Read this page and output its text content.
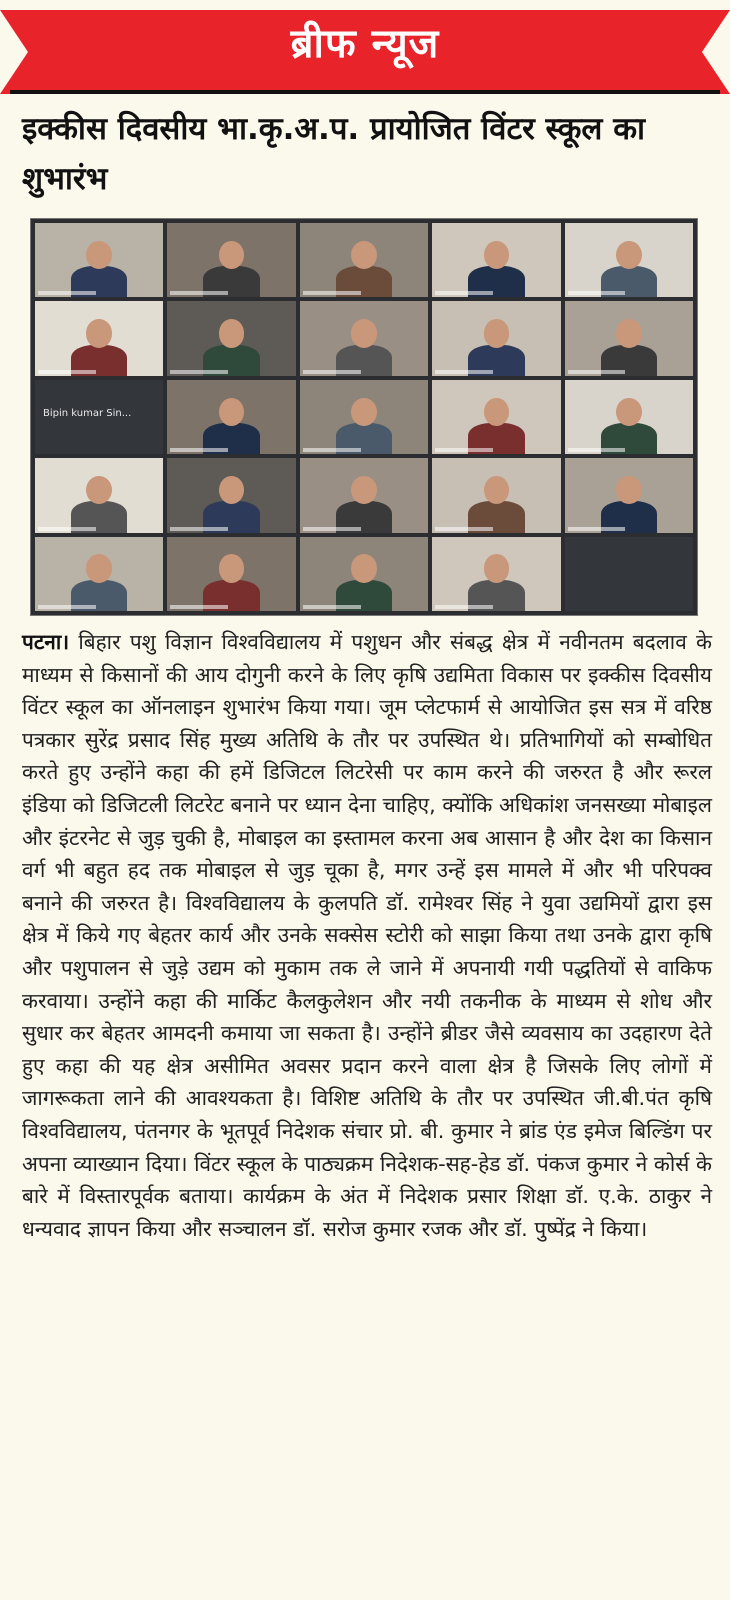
ब्रीफ न्यूज
इक्कीस दिवसीय भा.कृ.अ.प. प्रायोजित विंटर स्कूल का शुभारंभ
Bipin kumar Sin...
पटना। बिहार पशु विज्ञान विश्वविद्यालय में पशुधन और संबद्ध क्षेत्र में नवीनतम बदलाव के माध्यम से किसानों की आय दोगुनी करने के लिए कृषि उद्यमिता विकास पर इक्कीस दिवसीय विंटर स्कूल का ऑनलाइन शुभारंभ किया गया। जूम प्लेटफार्म से आयोजित इस सत्र में वरिष्ठ पत्रकार सुरेंद्र प्रसाद सिंह मुख्य अतिथि के तौर पर उपस्थित थे। प्रतिभागियों को सम्बोधित करते हुए उन्होंने कहा की हमें डिजिटल लिटरेसी पर काम करने की जरुरत है और रूरल इंडिया को डिजिटली लिटरेट बनाने पर ध्यान देना चाहिए, क्योंकि अधिकांश जनसख्या मोबाइल और इंटरनेट से जुड़ चुकी है, मोबाइल का इस्तामल करना अब आसान है और देश का किसान वर्ग भी बहुत हद तक मोबाइल से जुड़ चूका है, मगर उन्हें इस मामले में और भी परिपक्व बनाने की जरुरत है। विश्वविद्यालय के कुलपति डॉ. रामेश्वर सिंह ने युवा उद्यमियों द्वारा इस क्षेत्र में किये गए बेहतर कार्य और उनके सक्सेस स्टोरी को साझा किया तथा उनके द्वारा कृषि और पशुपालन से जुड़े उद्यम को मुकाम तक ले जाने में अपनायी गयी पद्धतियों से वाकिफ करवाया। उन्होंने कहा की मार्किट कैलकुलेशन और नयी तकनीक के माध्यम से शोध और सुधार कर बेहतर आमदनी कमाया जा सकता है। उन्होंने ब्रीडर जैसे व्यवसाय का उदहारण देते हुए कहा की यह क्षेत्र असीमित अवसर प्रदान करने वाला क्षेत्र है जिसके लिए लोगों में जागरूकता लाने की आवश्यकता है। विशिष्ट अतिथि के तौर पर उपस्थित जी.बी.पंत कृषि विश्वविद्यालय, पंतनगर के भूतपूर्व निदेशक संचार प्रो. बी. कुमार ने ब्रांड एंड इमेज बिल्डिंग पर अपना व्याख्यान दिया। विंटर स्कूल के पाठ्यक्रम निदेशक-सह-हेड डॉ. पंकज कुमार ने कोर्स के बारे में विस्तारपूर्वक बताया। कार्यक्रम के अंत में निदेशक प्रसार शिक्षा डॉ. ए.के. ठाकुर ने धन्यवाद ज्ञापन किया और सञ्चालन डॉ. सरोज कुमार रजक और डॉ. पुष्पेंद्र ने किया।
